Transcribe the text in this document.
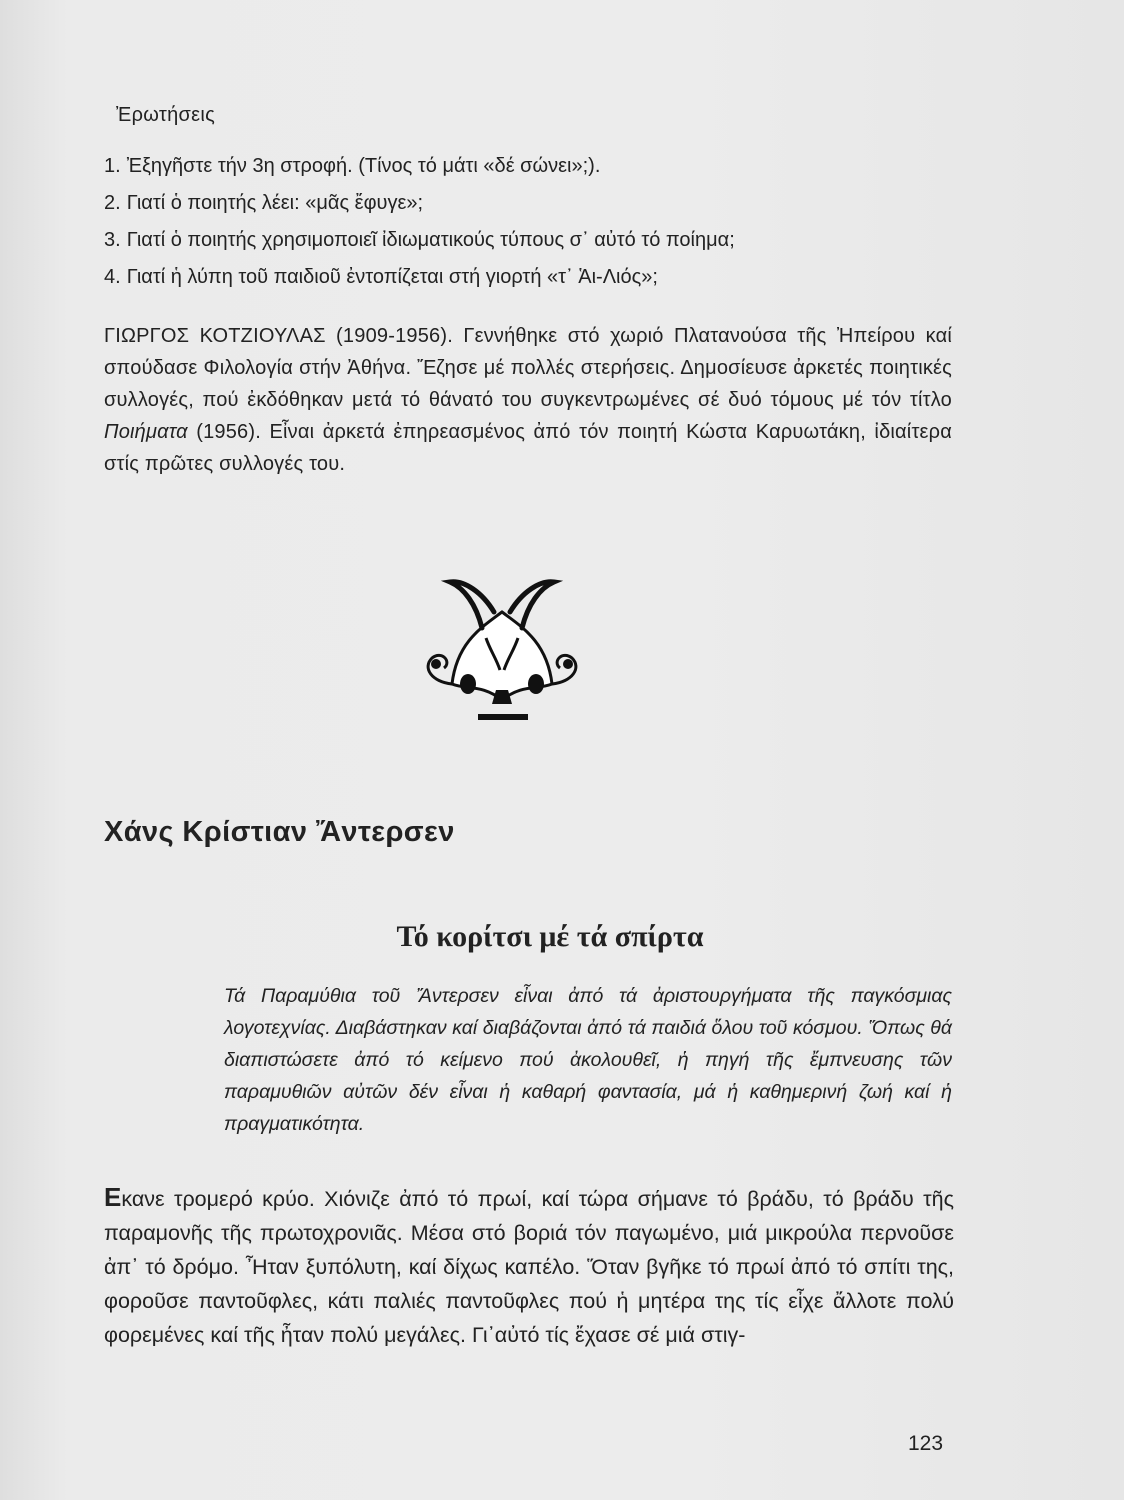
Ἐρωτήσεις
1. Ἐξηγῆστε τήν 3η στροφή. (Τίνος τό μάτι «δέ σώνει»;).
2. Γιατί ὁ ποιητής λέει: «μᾶς ἔφυγε»;
3. Γιατί ὁ ποιητής χρησιμοποιεῖ ἰδιωματικούς τύπους σ᾿ αὐτό τό ποίημα;
4. Γιατί ἡ λύπη τοῦ παιδιοῦ ἐντοπίζεται στή γιορτή «τ᾿ Ἁι-Λιός»;

ΓΙΩΡΓΟΣ ΚΟΤΖΙΟΥΛΑΣ (1909-1956). Γεννήθηκε στό χωριό Πλατανούσα τῆς Ἠπείρου καί σπούδασε Φιλολογία στήν Ἀθήνα. Ἔζησε μέ πολλές στερήσεις. Δημοσίευσε ἀρκετές ποιητικές συλλογές, πού ἐκδόθηκαν μετά τό θάνατό του συγκεντρωμένες σέ δυό τόμους μέ τόν τίτλο Ποιήματα (1956). Εἶναι ἀρκετά ἐπηρεασμένος ἀπό τόν ποιητή Κώστα Καρυωτάκη, ἰδιαίτερα στίς πρῶτες συλλογές του.

Χάνς Κρίστιαν Ἄντερσεν
Τό κορίτσι μέ τά σπίρτα

Τά Παραμύθια τοῦ Ἄντερσεν εἶναι ἀπό τά ἀριστουργήματα τῆς παγκόσμιας λογοτεχνίας. Διαβάστηκαν καί διαβάζονται ἀπό τά παιδιά ὅλου τοῦ κόσμου. Ὅπως θά διαπιστώσετε ἀπό τό κείμενο πού ἀκολουθεῖ, ἡ πηγή τῆς ἔμπνευσης τῶν παραμυθιῶν αὐτῶν δέν εἶναι ἡ καθαρή φαντασία, μά ἡ καθημερινή ζωή καί ἡ πραγματικότητα.

Εκανε τρομερό κρύο. Χιόνιζε ἀπό τό πρωί, καί τώρα σήμανε τό βράδυ, τό βράδυ τῆς παραμονῆς τῆς πρωτοχρονιᾶς. Μέσα στό βοριά τόν παγωμένο, μιά μικρούλα περνοῦσε ἀπ᾿ τό δρόμο. Ἦταν ξυπόλυτη, καί δίχως καπέλο. Ὅταν βγῆκε τό πρωί ἀπό τό σπίτι της, φοροῦσε παντοῦφλες, κάτι παλιές παντοῦφλες πού ἡ μητέρα της τίς εἶχε ἄλλοτε πολύ φορεμένες καί τῆς ἦταν πολύ μεγάλες. Γι᾿αὐτό τίς ἔχασε σέ μιά στιγ-

123
